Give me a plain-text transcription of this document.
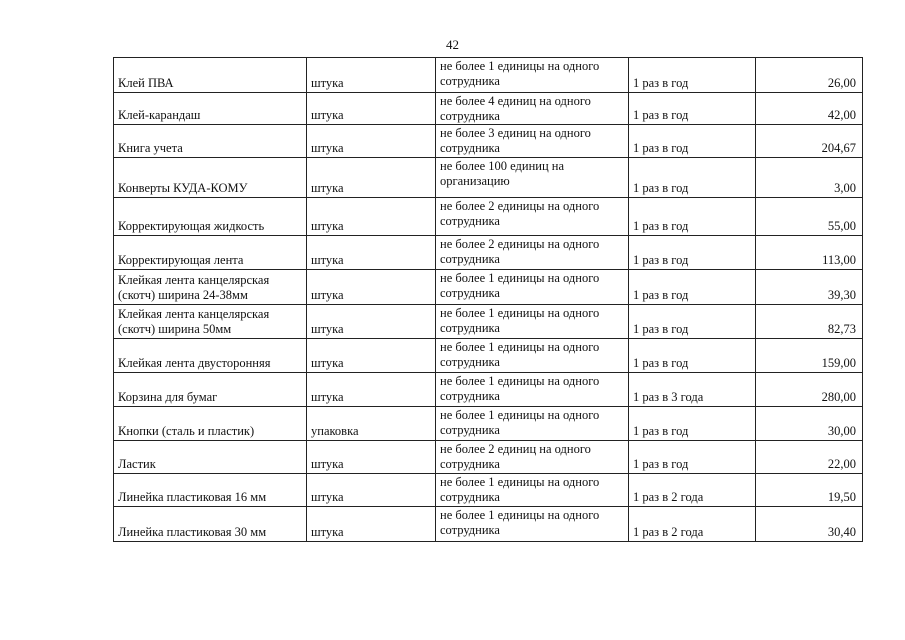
42
Клей ПВА	штука	не более 1 единицы на одного сотрудника	1 раз в год	26,00
Клей-карандаш	штука	не более 4 единиц на одного сотрудника	1 раз в год	42,00
Книга учета	штука	не более 3 единиц на одного сотрудника	1 раз в год	204,67
Конверты КУДА-КОМУ	штука	не более 100 единиц на организацию	1 раз в год	3,00
Корректирующая жидкость	штука	не более 2 единицы на одного сотрудника	1 раз в год	55,00
Корректирующая лента	штука	не более 2 единицы на одного сотрудника	1 раз в год	113,00
Клейкая лента канцелярская (скотч) ширина 24-38мм	штука	не более 1 единицы на одного сотрудника	1 раз в год	39,30
Клейкая лента канцелярская (скотч) ширина 50мм	штука	не более 1 единицы на одного сотрудника	1 раз в год	82,73
Клейкая лента двусторонняя	штука	не более 1 единицы на одного сотрудника	1 раз в год	159,00
Корзина для бумаг	штука	не более 1 единицы на одного сотрудника	1 раз в 3 года	280,00
Кнопки (сталь и пластик)	упаковка	не более 1 единицы на одного сотрудника	1 раз в год	30,00
Ластик	штука	не более 2 единиц на одного сотрудника	1 раз в год	22,00
Линейка пластиковая 16 мм	штука	не более 1 единицы на одного сотрудника	1 раз в 2 года	19,50
Линейка пластиковая 30 мм	штука	не более 1 единицы на одного сотрудника	1 раз в 2 года	30,40
